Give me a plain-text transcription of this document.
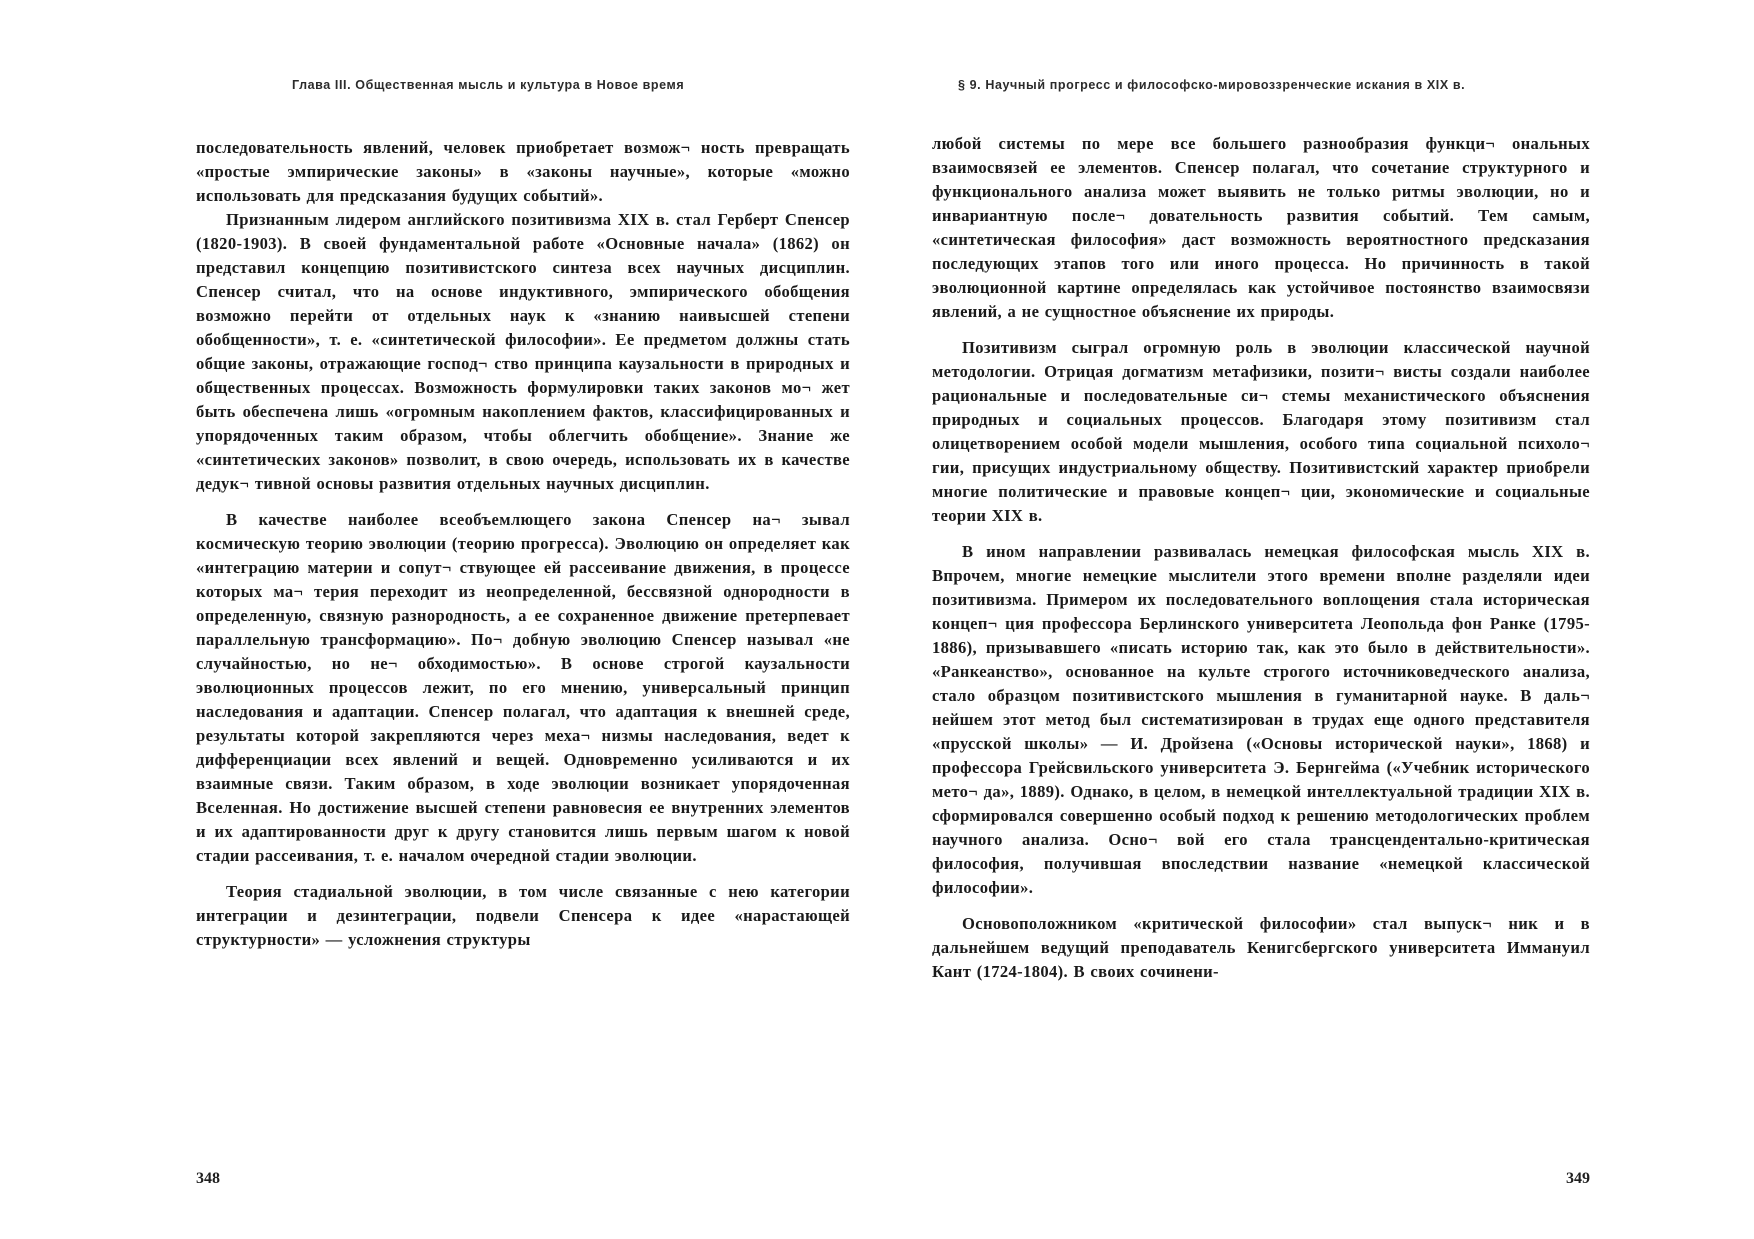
Глава III. Общественная мысль и культура в Новое время

последовательность явлений, человек приобретает возмож¬ ность превращать «простые эмпирические законы» в «законы научные», которые «можно использовать для предсказания будущих событий».

Признанным лидером английского позитивизма XIX в. стал Герберт Спенсер (1820-1903). В своей фундаментальной работе «Основные начала» (1862) он представил концепцию позитивистского синтеза всех научных дисциплин. Спенсер считал, что на основе индуктивного, эмпирического обобщения возможно перейти от отдельных наук к «знанию наивысшей степени обобщенности», т. е. «синтетической философии». Ее предметом должны стать общие законы, отражающие господ¬ ство принципа каузальности в природных и общественных процессах. Возможность формулировки таких законов мо¬ жет быть обеспечена лишь «огромным накоплением фактов, классифицированных и упорядоченных таким образом, чтобы облегчить обобщение». Знание же «синтетических законов» позволит, в свою очередь, использовать их в качестве дедук¬ тивной основы развития отдельных научных дисциплин.

В качестве наиболее всеобъемлющего закона Спенсер на¬ зывал космическую теорию эволюции (теорию прогресса). Эволюцию он определяет как «интеграцию материи и сопут¬ ствующее ей рассеивание движения, в процессе которых ма¬ терия переходит из неопределенной, бессвязной однородности в определенную, связную разнородность, а ее сохраненное движение претерпевает параллельную трансформацию». По¬ добную эволюцию Спенсер называл «не случайностью, но не¬ обходимостью». В основе строгой каузальности эволюционных процессов лежит, по его мнению, универсальный принцип наследования и адаптации. Спенсер полагал, что адаптация к внешней среде, результаты которой закрепляются через меха¬ низмы наследования, ведет к дифференциации всех явлений и вещей. Одновременно усиливаются и их взаимные связи. Таким образом, в ходе эволюции возникает упорядоченная Вселенная. Но достижение высшей степени равновесия ее внутренних элементов и их адаптированности друг к другу становится лишь первым шагом к новой стадии рассеивания, т. е. началом очередной стадии эволюции.

Теория стадиальной эволюции, в том числе связанные с нею категории интеграции и дезинтеграции, подвели Спенсера к идее «нарастающей структурности» — усложнения структуры

348
§ 9. Научный прогресс и философско-мировоззренческие искания в XIX в.

любой системы по мере все большего разнообразия функци¬ ональных взаимосвязей ее элементов. Спенсер полагал, что сочетание структурного и функционального анализа может выявить не только ритмы эволюции, но и инвариантную после¬ довательность развития событий. Тем самым, «синтетическая философия» даст возможность вероятностного предсказания последующих этапов того или иного процесса. Но причинность в такой эволюционной картине определялась как устойчивое постоянство взаимосвязи явлений, а не сущностное объяснение их природы.

Позитивизм сыграл огромную роль в эволюции классической научной методологии. Отрицая догматизм метафизики, позити¬ висты создали наиболее рациональные и последовательные си¬ стемы механистического объяснения природных и социальных процессов. Благодаря этому позитивизм стал олицетворением особой модели мышления, особого типа социальной психоло¬ гии, присущих индустриальному обществу. Позитивистский характер приобрели многие политические и правовые концеп¬ ции, экономические и социальные теории XIX в.

В ином направлении развивалась немецкая философская мысль XIX в. Впрочем, многие немецкие мыслители этого времени вполне разделяли идеи позитивизма. Примером их последовательного воплощения стала историческая концеп¬ ция профессора Берлинского университета Леопольда фон Ранке (1795-1886), призывавшего «писать историю так, как это было в действительности». «Ранкеанство», основанное на культе строгого источниковедческого анализа, стало образцом позитивистского мышления в гуманитарной науке. В даль¬ нейшем этот метод был систематизирован в трудах еще одного представителя «прусской школы» — И. Дройзена («Основы исторической науки», 1868) и профессора Грейсвильского университета Э. Бернгейма («Учебник исторического мето¬ да», 1889). Однако, в целом, в немецкой интеллектуальной традиции XIX в. сформировался совершенно особый подход к решению методологических проблем научного анализа. Осно¬ вой его стала трансцендентально-критическая философия, получившая впоследствии название «немецкой классической философии».

Основоположником «критической философии» стал выпуск¬ ник и в дальнейшем ведущий преподаватель Кенигсбергского университета Иммануил Кант (1724-1804). В своих сочинени-

349
